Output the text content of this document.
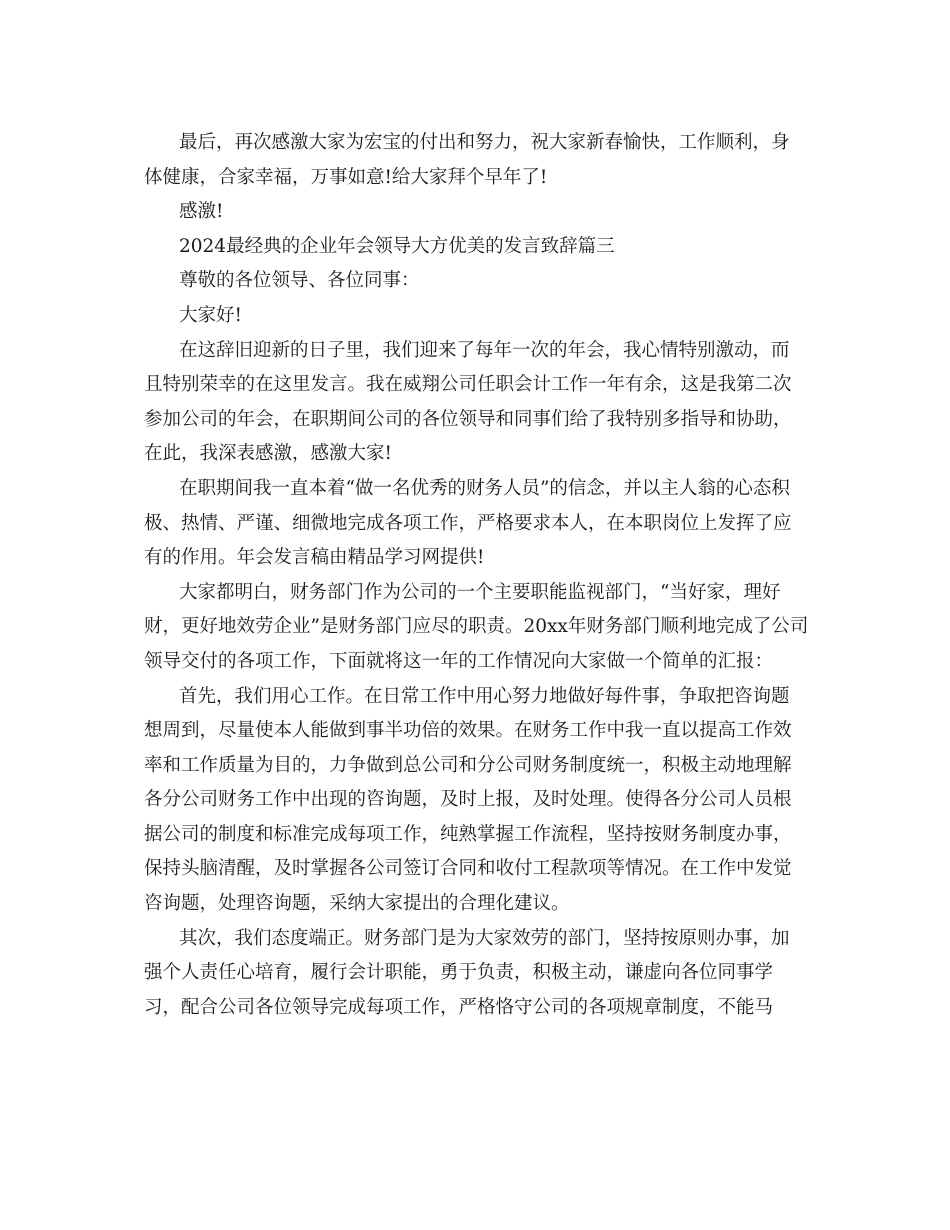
最后，再次感激大家为宏宝的付出和努力，祝大家新春愉快，工作顺利，身
体健康，合家幸福，万事如意!给大家拜个早年了!
感激!
2024最经典的企业年会领导大方优美的发言致辞篇三
尊敬的各位领导、各位同事：
大家好!
在这辞旧迎新的日子里，我们迎来了每年一次的年会，我心情特别激动，而
且特别荣幸的在这里发言。我在威翔公司任职会计工作一年有余，这是我第二次
参加公司的年会，在职期间公司的各位领导和同事们给了我特别多指导和协助，
在此，我深表感激，感激大家!
在职期间我一直本着“做一名优秀的财务人员”的信念，并以主人翁的心态积
极、热情、严谨、细微地完成各项工作，严格要求本人，在本职岗位上发挥了应
有的作用。年会发言稿由精品学习网提供!
大家都明白，财务部门作为公司的一个主要职能监视部门，“当好家，理好
财，更好地效劳企业”是财务部门应尽的职责。20xx年财务部门顺利地完成了公司
领导交付的各项工作，下面就将这一年的工作情况向大家做一个简单的汇报：
首先，我们用心工作。在日常工作中用心努力地做好每件事，争取把咨询题
想周到，尽量使本人能做到事半功倍的效果。在财务工作中我一直以提高工作效
率和工作质量为目的，力争做到总公司和分公司财务制度统一，积极主动地理解
各分公司财务工作中出现的咨询题，及时上报，及时处理。使得各分公司人员根
据公司的制度和标准完成每项工作，纯熟掌握工作流程，坚持按财务制度办事，
保持头脑清醒，及时掌握各公司签订合同和收付工程款项等情况。在工作中发觉
咨询题，处理咨询题，采纳大家提出的合理化建议。
其次，我们态度端正。财务部门是为大家效劳的部门，坚持按原则办事，加
强个人责任心培育，履行会计职能，勇于负责，积极主动，谦虚向各位同事学
习，配合公司各位领导完成每项工作，严格恪守公司的各项规章制度，不能马
